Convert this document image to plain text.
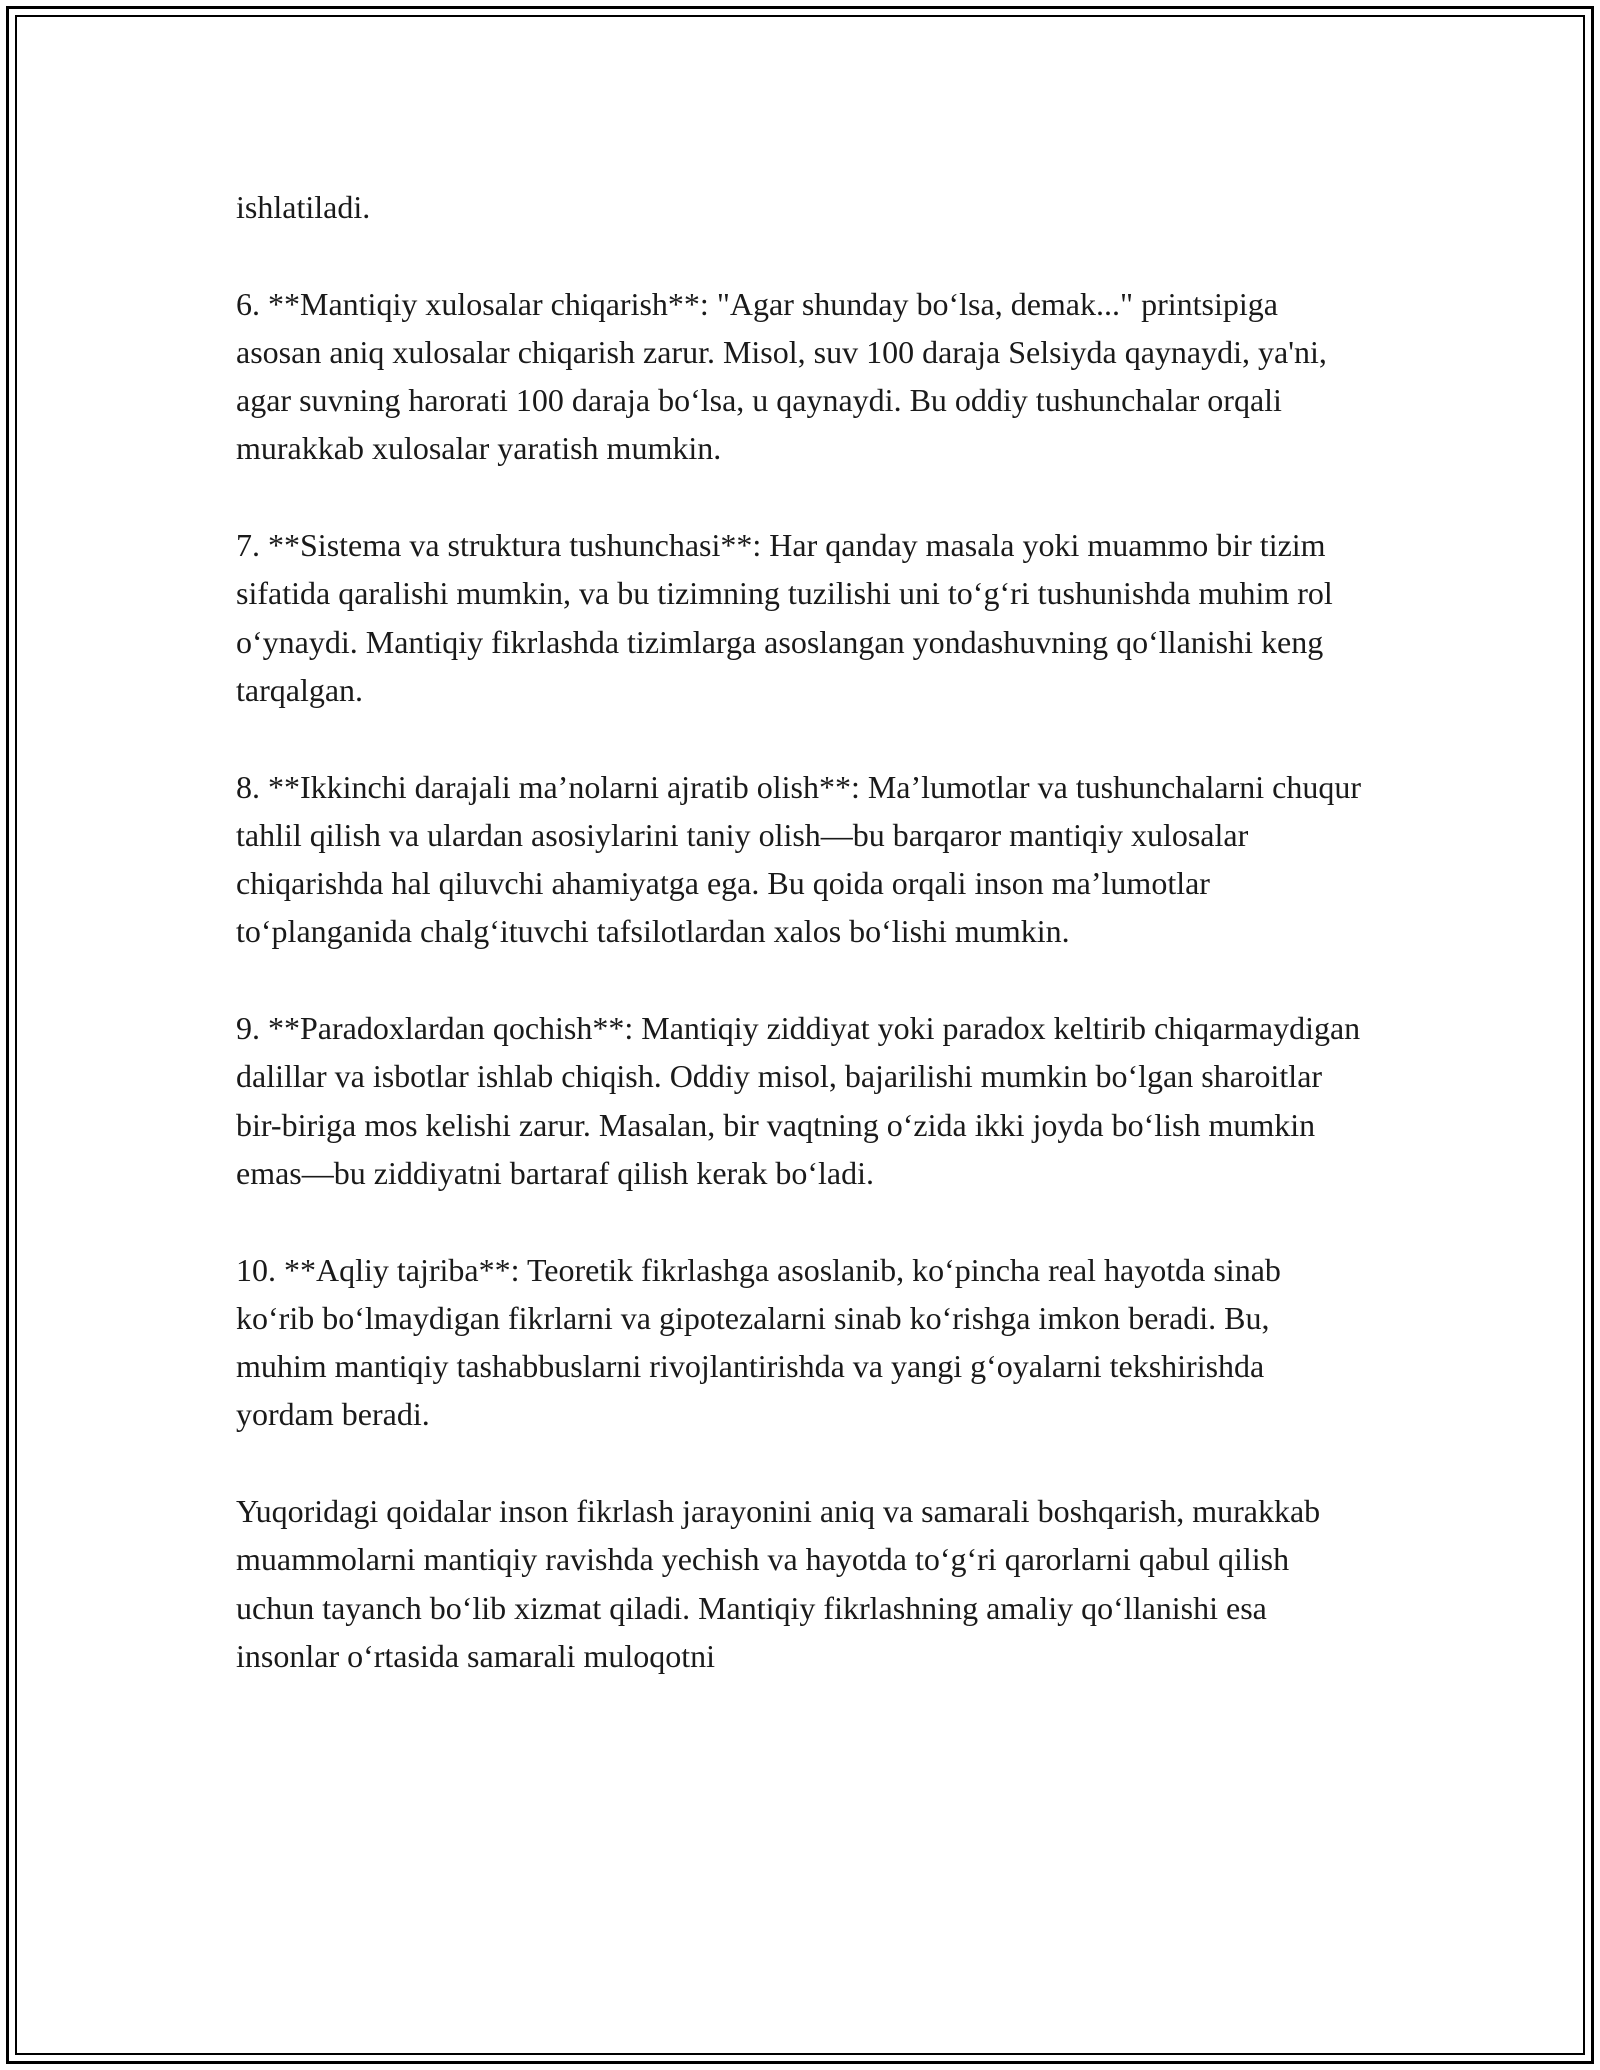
ishlatiladi.

6. **Mantiqiy xulosalar chiqarish**: "Agar shunday bo‘lsa, demak..." printsipiga asosan aniq xulosalar chiqarish zarur. Misol, suv 100 daraja Selsiyda qaynaydi, ya'ni, agar suvning harorati 100 daraja bo‘lsa, u qaynaydi. Bu oddiy tushunchalar orqali murakkab xulosalar yaratish mumkin.

7. **Sistema va struktura tushunchasi**: Har qanday masala yoki muammo bir tizim sifatida qaralishi mumkin, va bu tizimning tuzilishi uni to‘g‘ri tushunishda muhim rol o‘ynaydi. Mantiqiy fikrlashda tizimlarga asoslangan yondashuvning qo‘llanishi keng tarqalgan.

8. **Ikkinchi darajali ma’nolarni ajratib olish**: Ma’lumotlar va tushunchalarni chuqur tahlil qilish va ulardan asosiylarini taniy olish—bu barqaror mantiqiy xulosalar chiqarishda hal qiluvchi ahamiyatga ega. Bu qoida orqali inson ma’lumotlar to‘planganida chalg‘ituvchi tafsilotlardan xalos bo‘lishi mumkin.

9. **Paradoxlardan qochish**: Mantiqiy ziddiyat yoki paradox keltirib chiqarmaydigan dalillar va isbotlar ishlab chiqish. Oddiy misol, bajarilishi mumkin bo‘lgan sharoitlar bir-biriga mos kelishi zarur. Masalan, bir vaqtning o‘zida ikki joyda bo‘lish mumkin emas—bu ziddiyatni bartaraf qilish kerak bo‘ladi.

10. **Aqliy tajriba**: Teoretik fikrlashga asoslanib, ko‘pincha real hayotda sinab ko‘rib bo‘lmaydigan fikrlarni va gipotezalarni sinab ko‘rishga imkon beradi. Bu, muhim mantiqiy tashabbuslarni rivojlantirishda va yangi g‘oyalarni tekshirishda yordam beradi.

Yuqoridagi qoidalar inson fikrlash jarayonini aniq va samarali boshqarish, murakkab muammolarni mantiqiy ravishda yechish va hayotda to‘g‘ri qarorlarni qabul qilish uchun tayanch bo‘lib xizmat qiladi. Mantiqiy fikrlashning amaliy qo‘llanishi esa insonlar o‘rtasida samarali muloqotni
